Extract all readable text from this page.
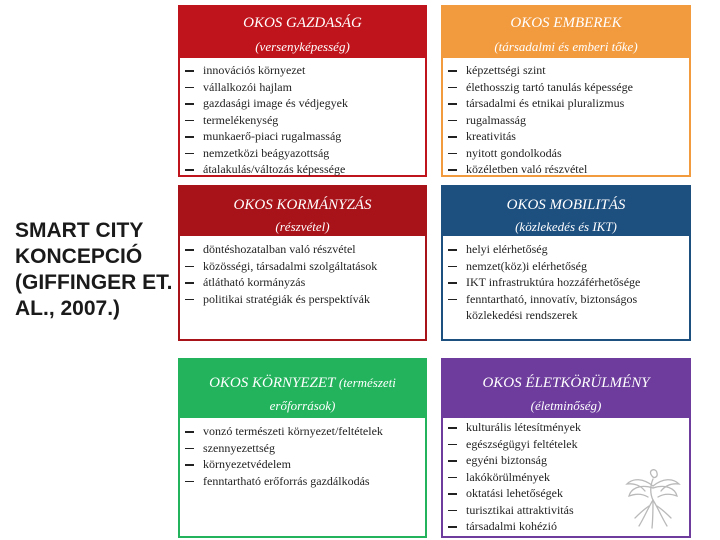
SMART CITY
KONCEPCIÓ
(GIFFINGER ET.
AL., 2007.)
OKOS GAZDASÁG
(versenyképesség)
innovációs környezet
vállalkozói hajlam
gazdasági image és védjegyek
termelékenység
munkaerő-piaci rugalmasság
nemzetközi beágyazottság
átalakulás/változás képessége
OKOS EMBEREK
(társadalmi és emberi tőke)
képzettségi szint
élethosszig tartó tanulás képessége
társadalmi és etnikai pluralizmus
rugalmasság
kreativitás
nyitott gondolkodás
közéletben való részvétel
OKOS KORMÁNYZÁS
(részvétel)
döntéshozatalban való részvétel
közösségi, társadalmi szolgáltatások
átlátható kormányzás
politikai stratégiák és perspektívák
OKOS MOBILITÁS
(közlekedés és IKT)
helyi elérhetőség
nemzet(köz)i elérhetőség
IKT infrastruktúra hozzáférhetősége
fenntartható, innovatív, biztonságos közlekedési rendszerek
OKOS KÖRNYEZET (természeti
erőforrások)
vonzó természeti környezet/feltételek
szennyezettség
környezetvédelem
fenntartható erőforrás gazdálkodás
OKOS ÉLETKÖRÜLMÉNY
(életminőség)
kulturális létesítmények
egészségügyi feltételek
egyéni biztonság
lakókörülmények
oktatási lehetőségek
turisztikai attraktivitás
társadalmi kohézió
